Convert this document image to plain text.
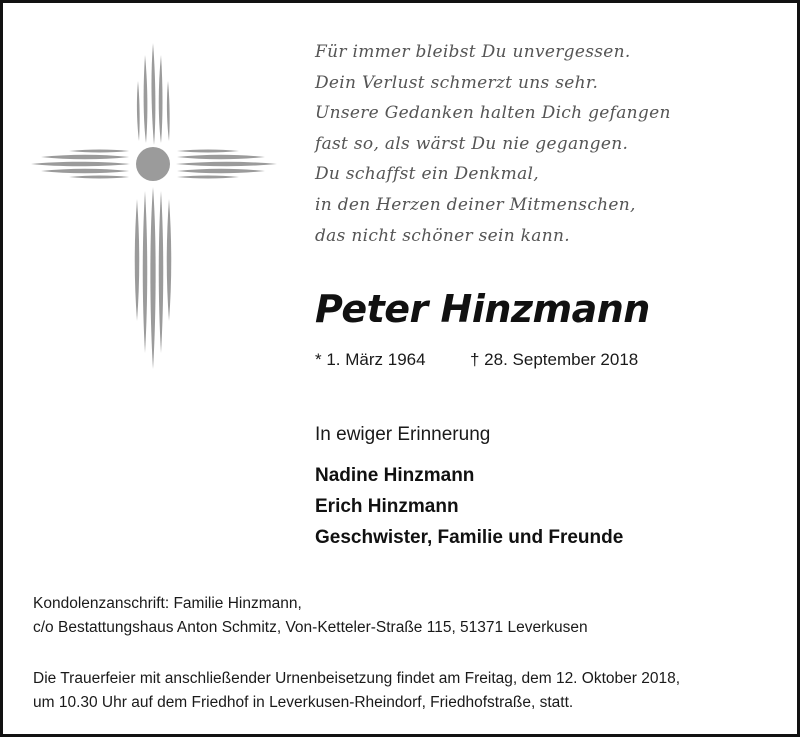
Für immer bleibst Du unvergessen.
Dein Verlust schmerzt uns sehr.
Unsere Gedanken halten Dich gefangen
fast so, als wärst Du nie gegangen.
Du schaffst ein Denkmal,
in den Herzen deiner Mitmenschen,
das nicht schöner sein kann.
Peter Hinzmann
* 1. März 1964	† 28. September 2018
In ewiger Erinnerung
Nadine Hinzmann
Erich Hinzmann
Geschwister, Familie und Freunde
Kondolenzanschrift: Familie Hinzmann,
c/o Bestattungshaus Anton Schmitz, Von-Ketteler-Straße 115, 51371 Leverkusen
Die Trauerfeier mit anschließender Urnenbeisetzung findet am Freitag, dem 12. Oktober 2018,
um 10.30 Uhr auf dem Friedhof in Leverkusen-Rheindorf, Friedhofstraße, statt.
